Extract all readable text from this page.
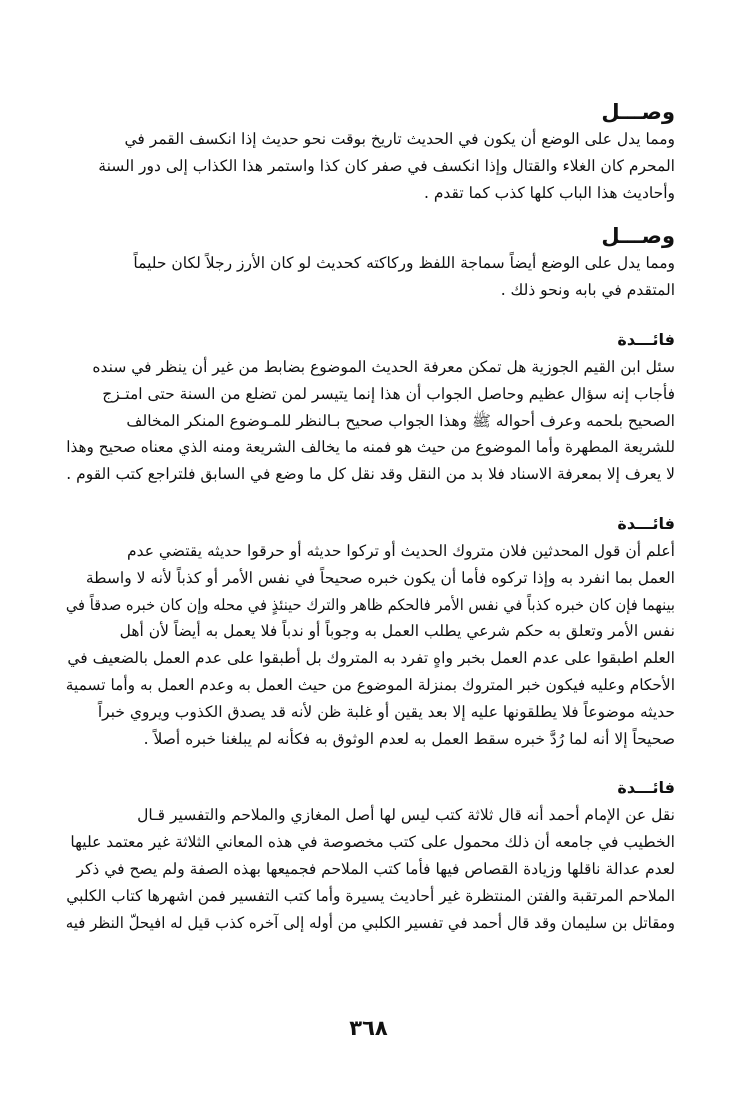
وصـــل
ومما يدل على الوضع أن يكون في الحديث تاريخ بوقت نحو حديث إذا انكسف القمر في
المحرم كان الغلاء والقتال وإذا انكسف في صفر كان كذا واستمر هذا الكذاب إلى دور السنة
وأحاديث هذا الباب كلها كذب كما تقدم .
وصـــل
ومما يدل على الوضع أيضاً سماجة اللفظ وركاكته كحديث لو كان الأرز رجلاً لكان حليماً
المتقدم في بابه ونحو ذلك .
فائـــدة
سئل ابن القيم الجوزية هل تمكن معرفة الحديث الموضوع بضابط من غير أن ينظر في سنده
فأجاب إنه سؤال عظيم وحاصل الجواب أن هذا إنما يتيسر لمن تضلع من السنة حتى امتـزج
الصحيح بلحمه وعرف أحواله ﷺ وهذا الجواب صحيح بـالنظر للمـوضوع المنكر المخالف
للشريعة المطهرة وأما الموضوع من حيث هو فمنه ما يخالف الشريعة ومنه الذي معناه صحيح وهذا
لا يعرف إلا بمعرفة الاسناد فلا بد من النقل وقد نقل كل ما وضع في السابق فلتراجع كتب القوم .
فائـــدة
أعلم أن قول المحدثين فلان متروك الحديث أو تركوا حديثه أو حرقوا حديثه يقتضي عدم
العمل بما انفرد به وإذا تركوه فأما أن يكون خبره صحيحاً في نفس الأمر أو كذباً لأنه لا واسطة
بينهما فإن كان خبره كذباً في نفس الأمر فالحكم ظاهر والترك حينئذٍ في محله وإن كان خبره صدقاً في
نفس الأمر وتعلق به حكم شرعي يطلب العمل به وجوباً أو ندباً فلا يعمل به أيضاً لأن أهل
العلم اطبقوا على عدم العمل بخبر واهٍ تفرد به المتروك بل أطبقوا على عدم العمل بالضعيف في
الأحكام وعليه فيكون خبر المتروك بمنزلة الموضوع من حيث العمل به وعدم العمل به وأما تسمية
حديثه موضوعاً فلا يطلقونها عليه إلا بعد يقين أو غلبة ظن لأنه قد يصدق الكذوب ويروي خبراً
صحيحاً إلا أنه لما رُدَّ خبره سقط العمل به لعدم الوثوق به فكأنه لم يبلغنا خبره أصلاً .
فائـــدة
نقل عن الإمام أحمد أنه قال ثلاثة كتب ليس لها أصل المغازي والملاحم والتفسير قـال
الخطيب في جامعه أن ذلك محمول على كتب مخصوصة في هذه المعاني الثلاثة غير معتمد عليها
لعدم عدالة ناقلها وزيادة القصاص فيها فأما كتب الملاحم فجميعها بهذه الصفة ولم يصح في ذكر
الملاحم المرتقبة والفتن المنتظرة غير أحاديث يسيرة وأما كتب التفسير فمن اشهرها كتاب الكلبي
ومقاتل بن سليمان وقد قال أحمد في تفسير الكلبي من أوله إلى آخره كذب قيل له افيحلّ النظر فيه
٣٦٨
